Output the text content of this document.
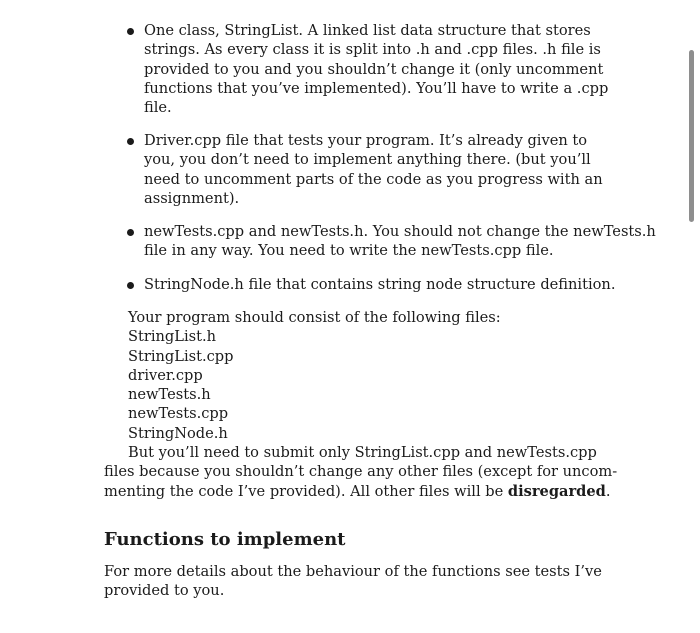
One class, StringList. A linked list data structure that stores
strings. As every class it is split into .h and .cpp files. .h file is
provided to you and you shouldn’t change it (only uncomment
functions that you’ve implemented). You’ll have to write a .cpp
file.
Driver.cpp file that tests your program. It’s already given to
you, you don’t need to implement anything there. (but you’ll
need to uncomment parts of the code as you progress with an
assignment).
newTests.cpp and newTests.h. You should not change the newTests.h
file in any way. You need to write the newTests.cpp file.
StringNode.h file that contains string node structure definition.
Your program should consist of the following files:
StringList.h
StringList.cpp
driver.cpp
newTests.h
newTests.cpp
StringNode.h
But you’ll need to submit only StringList.cpp and newTests.cpp
files because you shouldn’t change any other files (except for uncom-
menting the code I’ve provided). All other files will be disregarded.
Functions to implement
For more details about the behaviour of the functions see tests I’ve
provided to you.
